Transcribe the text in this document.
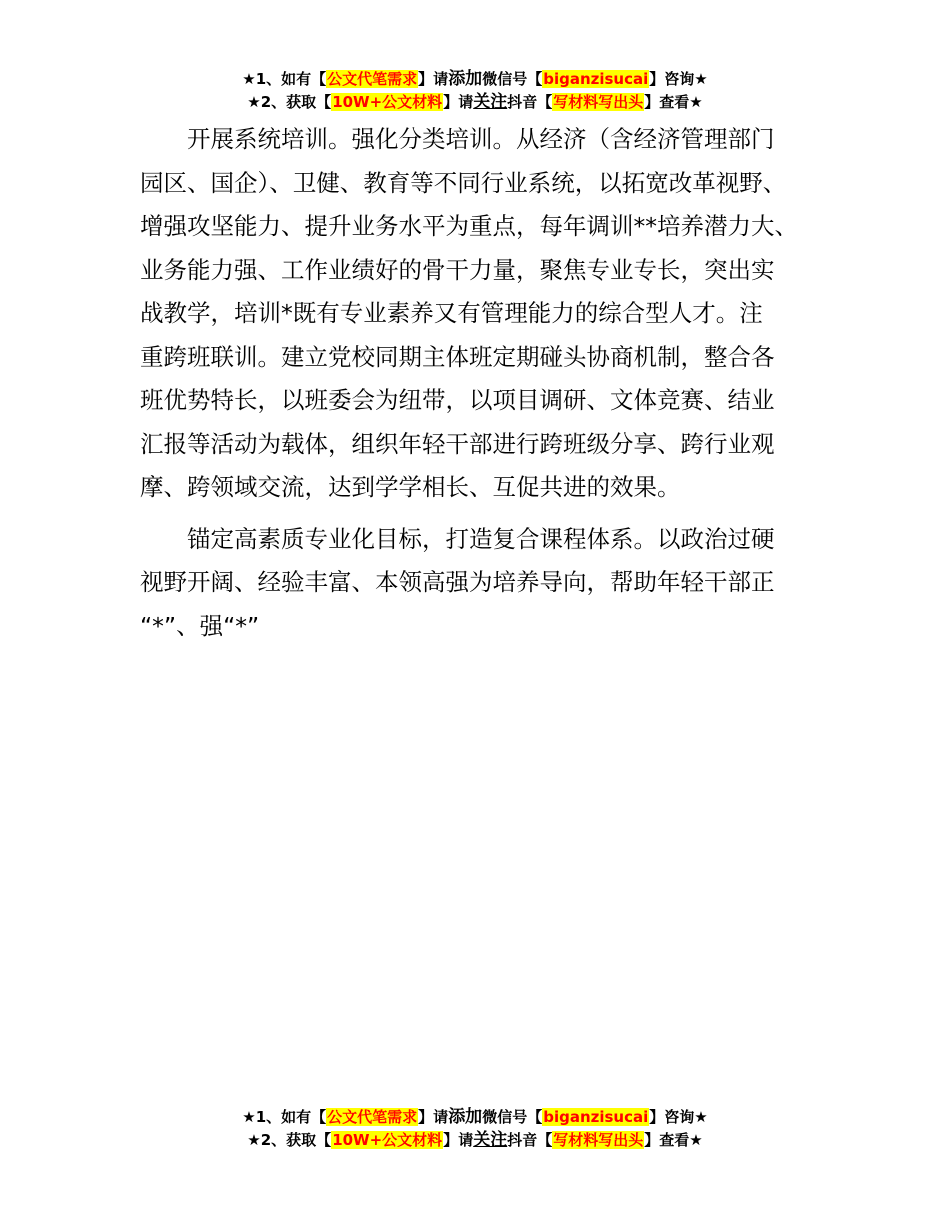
★1、如有【公文代笔需求】请添加微信号【biganzisucai】咨询★
★2、获取【10W+公文材料】请关注抖音【写材料写出头】查看★

开展系统培训。强化分类培训。从经济（含经济管理部门
园区、国企）、卫健、教育等不同行业系统，以拓宽改革视野、
增强攻坚能力、提升业务水平为重点，每年调训**培养潜力大、
业务能力强、工作业绩好的骨干力量，聚焦专业专长，突出实
战教学，培训*既有专业素养又有管理能力的综合型人才。注
重跨班联训。建立党校同期主体班定期碰头协商机制，整合各
班优势特长，以班委会为纽带，以项目调研、文体竞赛、结业
汇报等活动为载体，组织年轻干部进行跨班级分享、跨行业观
摩、跨领域交流，达到学学相长、互促共进的效果。

锚定高素质专业化目标，打造复合课程体系。以政治过硬
视野开阔、经验丰富、本领高强为培养导向，帮助年轻干部正
“*”、强“*”

★1、如有【公文代笔需求】请添加微信号【biganzisucai】咨询★
★2、获取【10W+公文材料】请关注抖音【写材料写出头】查看★
